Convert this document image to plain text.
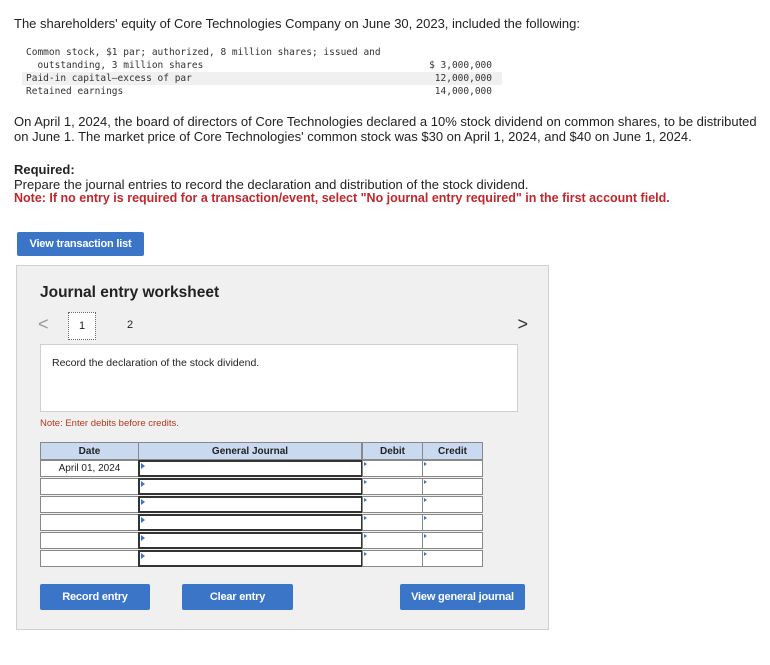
The shareholders' equity of Core Technologies Company on June 30, 2023, included the following:
Common stock, $1 par; authorized, 8 million shares; issued and
outstanding, 3 million shares	$ 3,000,000
Paid-in capital—excess of par	12,000,000
Retained earnings	14,000,000
On April 1, 2024, the board of directors of Core Technologies declared a 10% stock dividend on common shares, to be distributed on June 1. The market price of Core Technologies' common stock was $30 on April 1, 2024, and $40 on June 1, 2024.
Required:
Prepare the journal entries to record the declaration and distribution of the stock dividend.
Note: If no entry is required for a transaction/event, select "No journal entry required" in the first account field.
View transaction list
Journal entry worksheet
<	1	2	>
Record the declaration of the stock dividend.
Note: Enter debits before credits.
Date	General Journal	Debit	Credit
April 01, 2024
Record entry	Clear entry	View general journal
